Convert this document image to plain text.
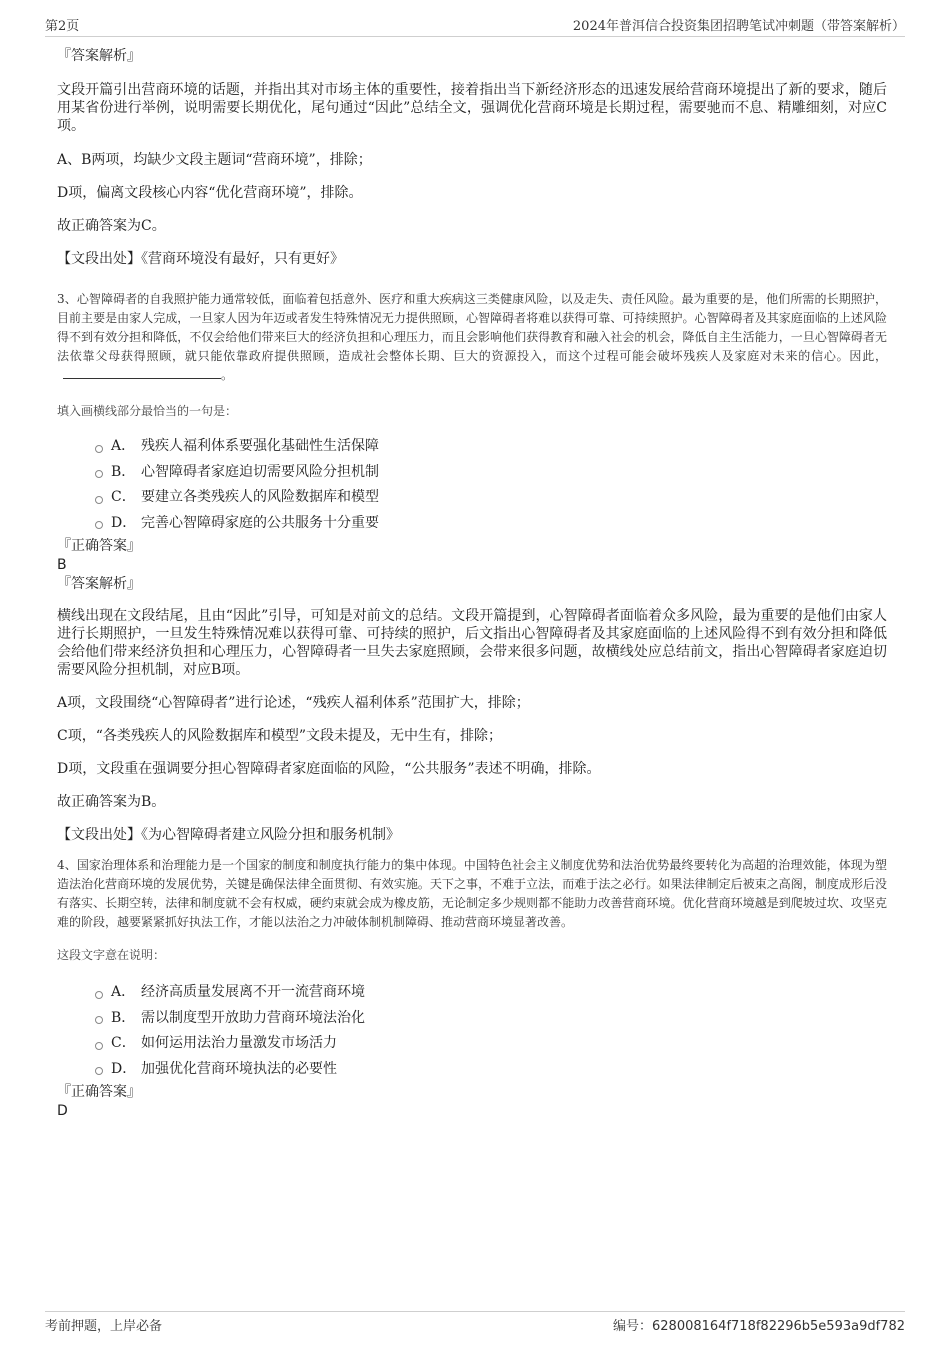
第2页	2024年普洱信合投资集团招聘笔试冲刺题（带答案解析）

『答案解析』

文段开篇引出营商环境的话题，并指出其对市场主体的重要性，接着指出当下新经济形态的迅速发展给营商环境提出了新的要求，随后用某省份进行举例，说明需要长期优化，尾句通过“因此”总结全文，强调优化营商环境是长期过程，需要驰而不息、精雕细刻，对应C项。

A、B两项，均缺少文段主题词“营商环境”，排除；

D项，偏离文段核心内容“优化营商环境”，排除。

故正确答案为C。

【文段出处】《营商环境没有最好，只有更好》

3、心智障碍者的自我照护能力通常较低，面临着包括意外、医疗和重大疾病这三类健康风险，以及走失、责任风险。最为重要的是，他们所需的长期照护，目前主要是由家人完成，一旦家人因为年迈或者发生特殊情况无力提供照顾，心智障碍者将难以获得可靠、可持续照护。心智障碍者及其家庭面临的上述风险得不到有效分担和降低，不仅会给他们带来巨大的经济负担和心理压力，而且会影响他们获得教育和融入社会的机会，降低自主生活能力，一旦心智障碍者无法依靠父母获得照顾，就只能依靠政府提供照顾，造成社会整体长期、巨大的资源投入，而这个过程可能会破坏残疾人及家庭对未来的信心。因此，。

填入画横线部分最恰当的一句是：

A． 残疾人福利体系要强化基础性生活保障
B． 心智障碍者家庭迫切需要风险分担机制
C． 要建立各类残疾人的风险数据库和模型
D． 完善心智障碍家庭的公共服务十分重要

『正确答案』

B

『答案解析』

横线出现在文段结尾，且由“因此”引导，可知是对前文的总结。文段开篇提到，心智障碍者面临着众多风险，最为重要的是他们由家人进行长期照护，一旦发生特殊情况难以获得可靠、可持续的照护，后文指出心智障碍者及其家庭面临的上述风险得不到有效分担和降低会给他们带来经济负担和心理压力，心智障碍者一旦失去家庭照顾，会带来很多问题，故横线处应总结前文，指出心智障碍者家庭迫切需要风险分担机制，对应B项。

A项，文段围绕“心智障碍者”进行论述，“残疾人福利体系”范围扩大，排除；

C项，“各类残疾人的风险数据库和模型”文段未提及，无中生有，排除；

D项，文段重在强调要分担心智障碍者家庭面临的风险，“公共服务”表述不明确，排除。

故正确答案为B。

【文段出处】《为心智障碍者建立风险分担和服务机制》

4、国家治理体系和治理能力是一个国家的制度和制度执行能力的集中体现。中国特色社会主义制度优势和法治优势最终要转化为高超的治理效能，体现为塑造法治化营商环境的发展优势，关键是确保法律全面贯彻、有效实施。天下之事，不难于立法，而难于法之必行。如果法律制定后被束之高阁，制度成形后没有落实、长期空转，法律和制度就不会有权威，硬约束就会成为橡皮筋，无论制定多少规则都不能助力改善营商环境。优化营商环境越是到爬坡过坎、攻坚克难的阶段，越要紧紧抓好执法工作，才能以法治之力冲破体制机制障碍、推动营商环境显著改善。

这段文字意在说明：

A． 经济高质量发展离不开一流营商环境
B． 需以制度型开放助力营商环境法治化
C． 如何运用法治力量激发市场活力
D． 加强优化营商环境执法的必要性

『正确答案』

D

考前押题，上岸必备	编号：628008164f718f82296b5e593a9df782
